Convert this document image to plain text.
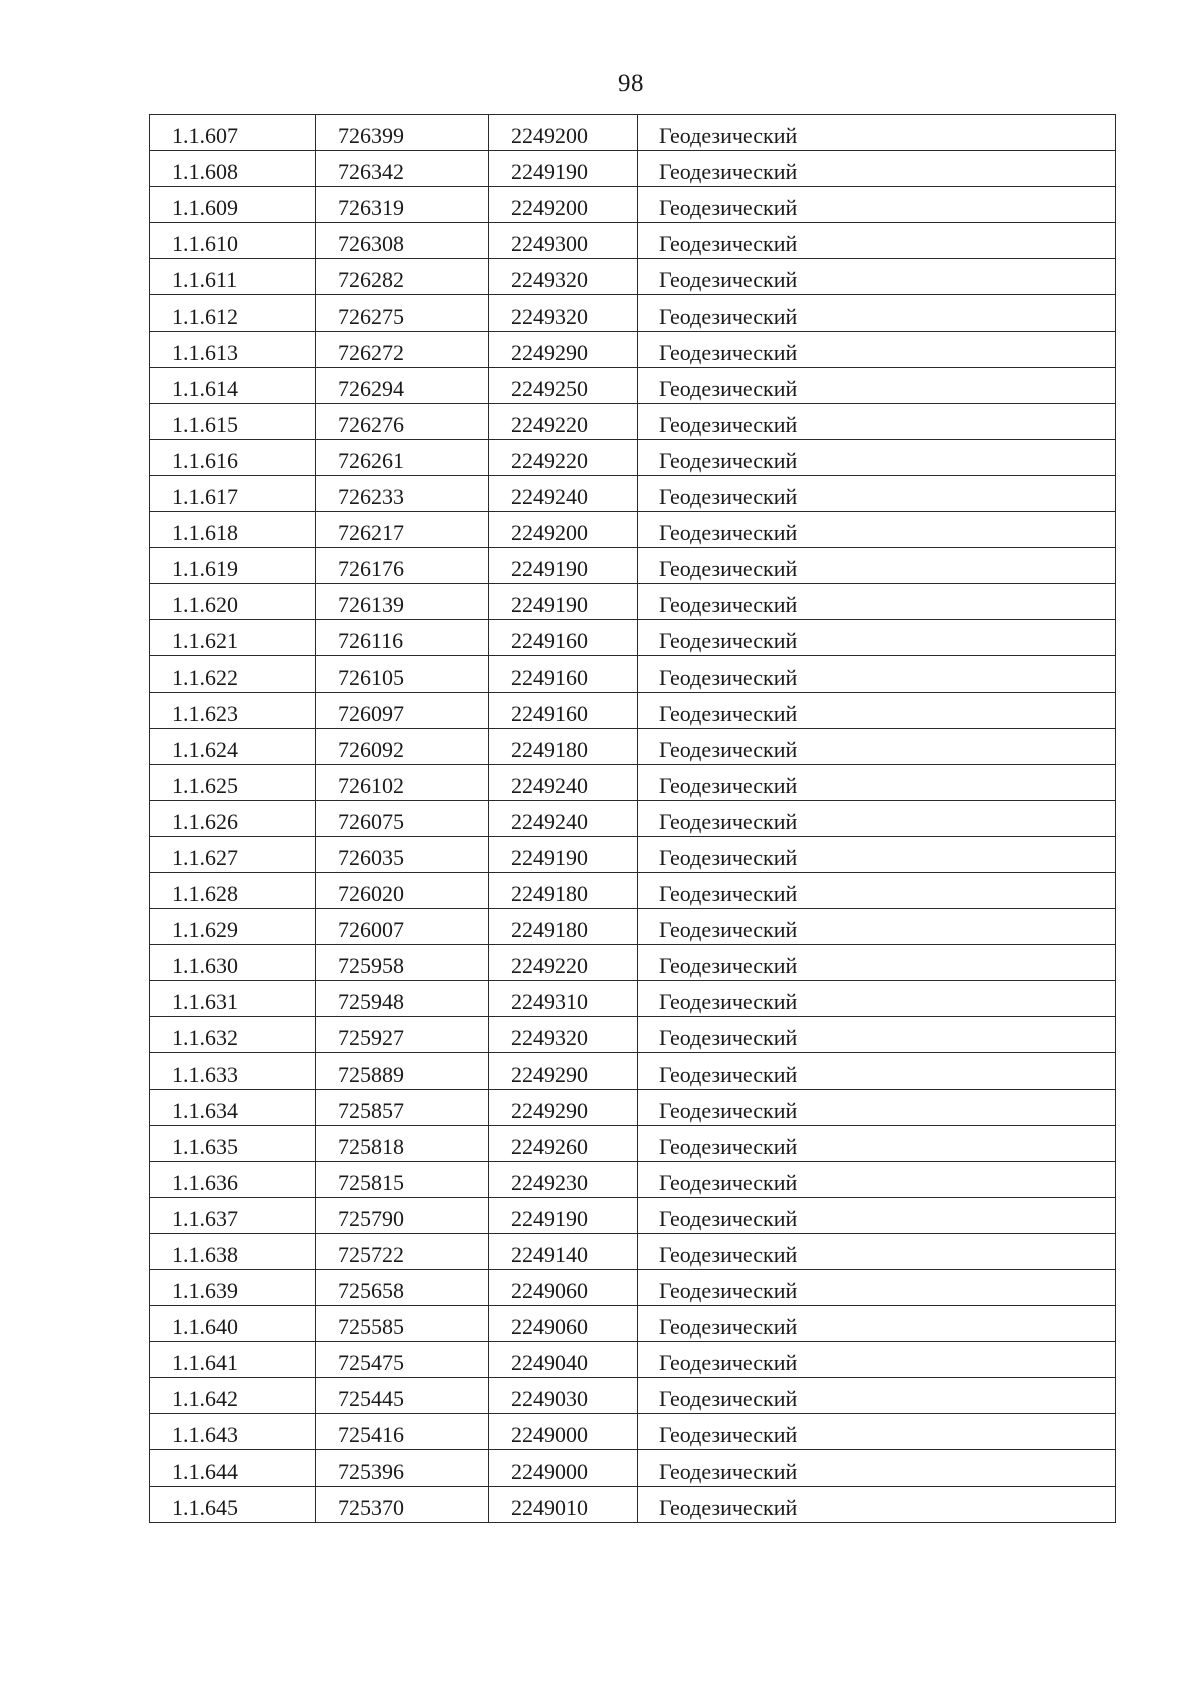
98
1.1.607	726399	2249200	Геодезический
1.1.608	726342	2249190	Геодезический
1.1.609	726319	2249200	Геодезический
1.1.610	726308	2249300	Геодезический
1.1.611	726282	2249320	Геодезический
1.1.612	726275	2249320	Геодезический
1.1.613	726272	2249290	Геодезический
1.1.614	726294	2249250	Геодезический
1.1.615	726276	2249220	Геодезический
1.1.616	726261	2249220	Геодезический
1.1.617	726233	2249240	Геодезический
1.1.618	726217	2249200	Геодезический
1.1.619	726176	2249190	Геодезический
1.1.620	726139	2249190	Геодезический
1.1.621	726116	2249160	Геодезический
1.1.622	726105	2249160	Геодезический
1.1.623	726097	2249160	Геодезический
1.1.624	726092	2249180	Геодезический
1.1.625	726102	2249240	Геодезический
1.1.626	726075	2249240	Геодезический
1.1.627	726035	2249190	Геодезический
1.1.628	726020	2249180	Геодезический
1.1.629	726007	2249180	Геодезический
1.1.630	725958	2249220	Геодезический
1.1.631	725948	2249310	Геодезический
1.1.632	725927	2249320	Геодезический
1.1.633	725889	2249290	Геодезический
1.1.634	725857	2249290	Геодезический
1.1.635	725818	2249260	Геодезический
1.1.636	725815	2249230	Геодезический
1.1.637	725790	2249190	Геодезический
1.1.638	725722	2249140	Геодезический
1.1.639	725658	2249060	Геодезический
1.1.640	725585	2249060	Геодезический
1.1.641	725475	2249040	Геодезический
1.1.642	725445	2249030	Геодезический
1.1.643	725416	2249000	Геодезический
1.1.644	725396	2249000	Геодезический
1.1.645	725370	2249010	Геодезический
